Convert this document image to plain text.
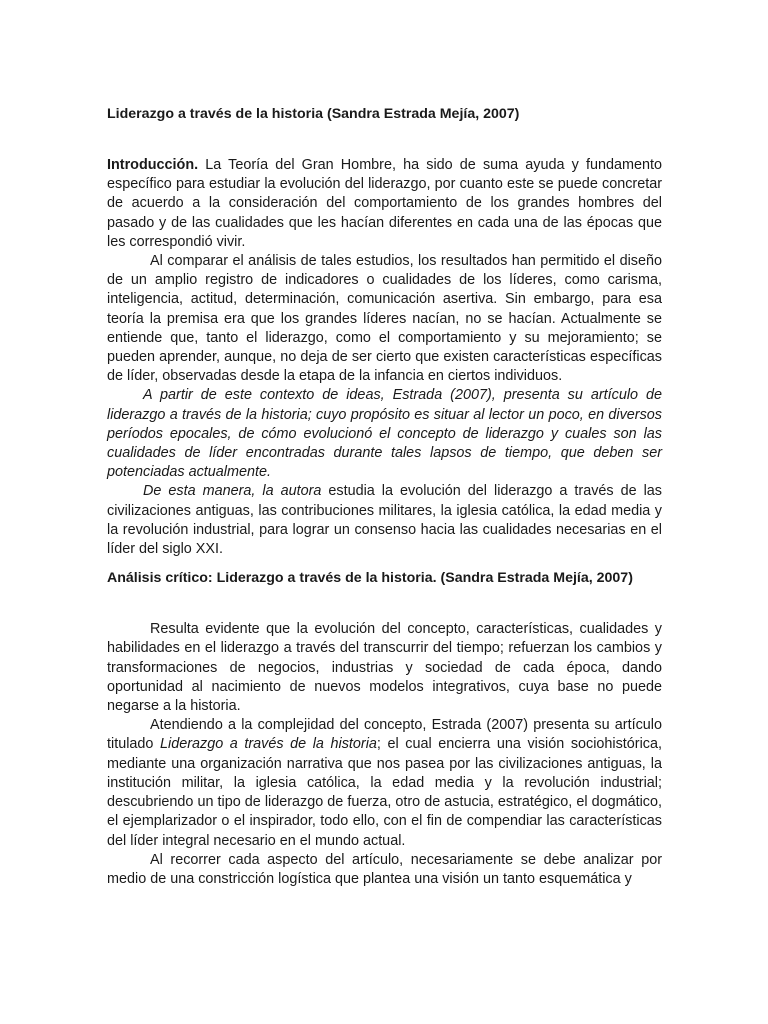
Liderazgo a través de la historia (Sandra Estrada Mejía, 2007)

Introducción. La Teoría del Gran Hombre, ha sido de suma ayuda y fundamento específico para estudiar la evolución del liderazgo, por cuanto este se puede concretar de acuerdo a la consideración del comportamiento de los grandes hombres del pasado y de las cualidades que les hacían diferentes en cada una de las épocas que les correspondió vivir.

Al comparar el análisis de tales estudios, los resultados han permitido el diseño de un amplio registro de indicadores o cualidades de los líderes, como carisma, inteligencia, actitud, determinación, comunicación asertiva. Sin embargo, para esa teoría la premisa era que los grandes líderes nacían, no se hacían. Actualmente se entiende que, tanto el liderazgo, como el comportamiento y su mejoramiento; se pueden aprender, aunque, no deja de ser cierto que existen características específicas de líder, observadas desde la etapa de la infancia en ciertos individuos.

A partir de este contexto de ideas, Estrada (2007), presenta su artículo de liderazgo a través de la historia; cuyo propósito es situar al lector un poco, en diversos períodos epocales, de cómo evolucionó el concepto de liderazgo y cuales son las cualidades de líder encontradas durante tales lapsos de tiempo, que deben ser potenciadas actualmente.

De esta manera, la autora estudia la evolución del liderazgo a través de las civilizaciones antiguas, las contribuciones militares, la iglesia católica, la edad media y la revolución industrial, para lograr un consenso hacia las cualidades necesarias en el líder del siglo XXI.

Análisis crítico: Liderazgo a través de la historia. (Sandra Estrada Mejía, 2007)

Resulta evidente que la evolución del concepto, características, cualidades y habilidades en el liderazgo a través del transcurrir del tiempo; refuerzan los cambios y transformaciones de negocios, industrias y sociedad de cada época, dando oportunidad al nacimiento de nuevos modelos integrativos, cuya base no puede negarse a la historia.

Atendiendo a la complejidad del concepto, Estrada (2007) presenta su artículo titulado Liderazgo a través de la historia; el cual encierra una visión sociohistórica, mediante una organización narrativa que nos pasea por las civilizaciones antiguas, la institución militar, la iglesia católica, la edad media y la revolución industrial; descubriendo un tipo de liderazgo de fuerza, otro de astucia, estratégico, el dogmático, el ejemplarizador o el inspirador, todo ello, con el fin de compendiar las características del líder integral necesario en el mundo actual.

Al recorrer cada aspecto del artículo, necesariamente se debe analizar por medio de una constricción logística que plantea una visión un tanto esquemática y
